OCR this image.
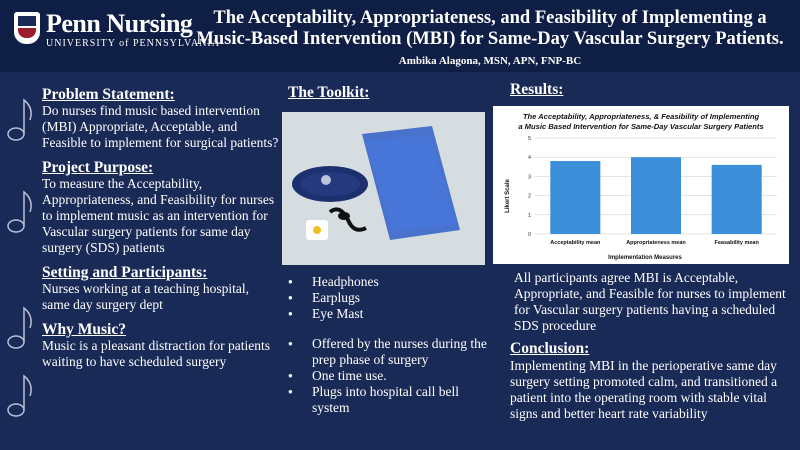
Penn Nursing
UNIVERSITY of PENNSYLVANIA
The Acceptability, Appropriateness, and Feasibility of Implementing a Music-Based Intervention (MBI) for Same-Day Vascular Surgery Patients.
Ambika Alagona, MSN, APN, FNP-BC
Problem Statement:
Do nurses find music based intervention (MBI) Appropriate, Acceptable, and Feasible to implement for surgical patients?
Project Purpose:
To measure the Acceptability, Appropriateness, and Feasibility for nurses to implement music as an intervention for Vascular surgery patients for same day surgery (SDS) patients
Setting and Participants:
Nurses working at a teaching hospital, same day surgery dept
Why Music?
Music is a pleasant distraction for patients waiting to have scheduled surgery
The Toolkit:
● Headphones
● Earplugs
● Eye Mast
● Offered by the nurses during the prep phase of surgery
● One time use.
● Plugs into hospital call bell system
Results:
The Acceptability, Appropriateness, & Feasibility of Implementing
a Music Based Intervention for Same-Day Vascular Surgery Patients
Likert Scale
Implementation Measures
0
1
2
3
4
5
Acceptability mean	Appropriateness mean	Feasability mean
All participants agree MBI is Acceptable, Appropriate, and Feasible for nurses to implement for Vascular surgery patients having a scheduled SDS procedure
Conclusion:
Implementing MBI in the perioperative same day surgery setting promoted calm, and transitioned a patient into the operating room with stable vital signs and better heart rate variability
